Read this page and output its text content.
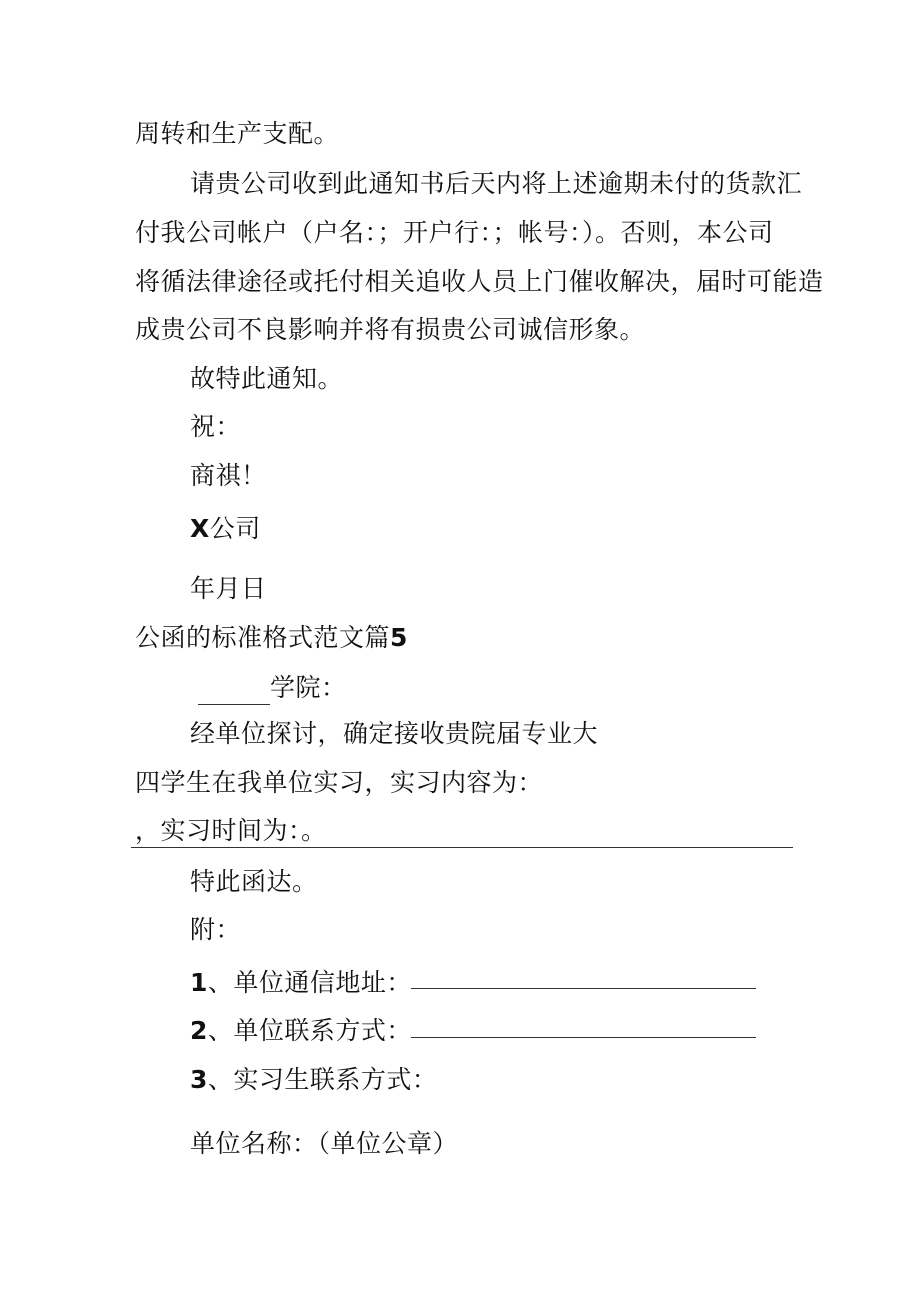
周转和生产支配。
请贵公司收到此通知书后天内将上述逾期未付的货款汇
付我公司帐户（户名：；开户行：；帐号：）。否则，本公司
将循法律途径或托付相关追收人员上门催收解决，届时可能造
成贵公司不良影响并将有损贵公司诚信形象。
故特此通知。
祝：
商祺！
X公司
年月日
公函的标准格式范文篇5
学院：
经单位探讨，确定接收贵院届专业大
四学生在我单位实习，实习内容为：
，实习时间为：。
特此函达。
附：
1、单位通信地址：
2、单位联系方式：
3、实习生联系方式：
单位名称：（单位公章）
